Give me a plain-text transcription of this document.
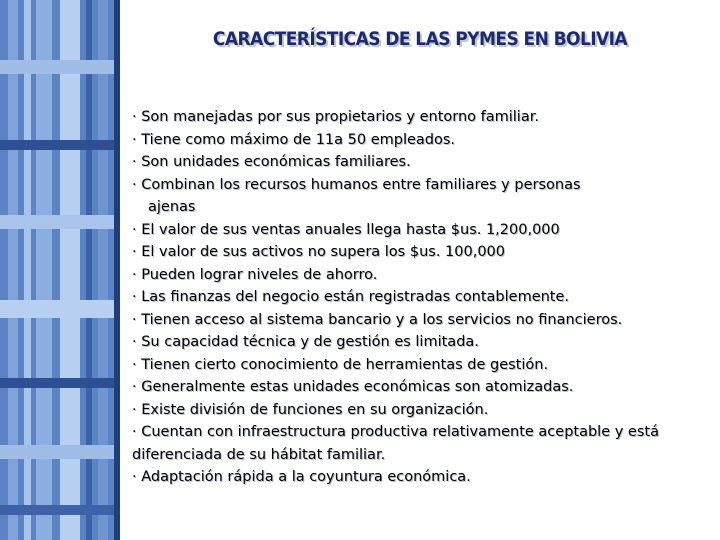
CARACTERÍSTICAS DE LAS PYMES EN BOLIVIA
· Son manejadas por sus propietarios y entorno familiar.
· Tiene como máximo de 11a 50 empleados.
· Son unidades económicas familiares.
· Combinan los recursos humanos entre familiares y personas
ajenas
· El valor de sus ventas anuales llega hasta $us. 1,200,000
· El valor de sus activos no supera los $us. 100,000
· Pueden lograr niveles de ahorro.
· Las finanzas del negocio están registradas contablemente.
· Tienen acceso al sistema bancario y a los servicios no financieros.
· Su capacidad técnica y de gestión es limitada.
· Tienen cierto conocimiento de herramientas de gestión.
· Generalmente estas unidades económicas son atomizadas.
· Existe división de funciones en su organización.
· Cuentan con infraestructura productiva relativamente aceptable y está
diferenciada de su hábitat familiar.
· Adaptación rápida a la coyuntura económica.
